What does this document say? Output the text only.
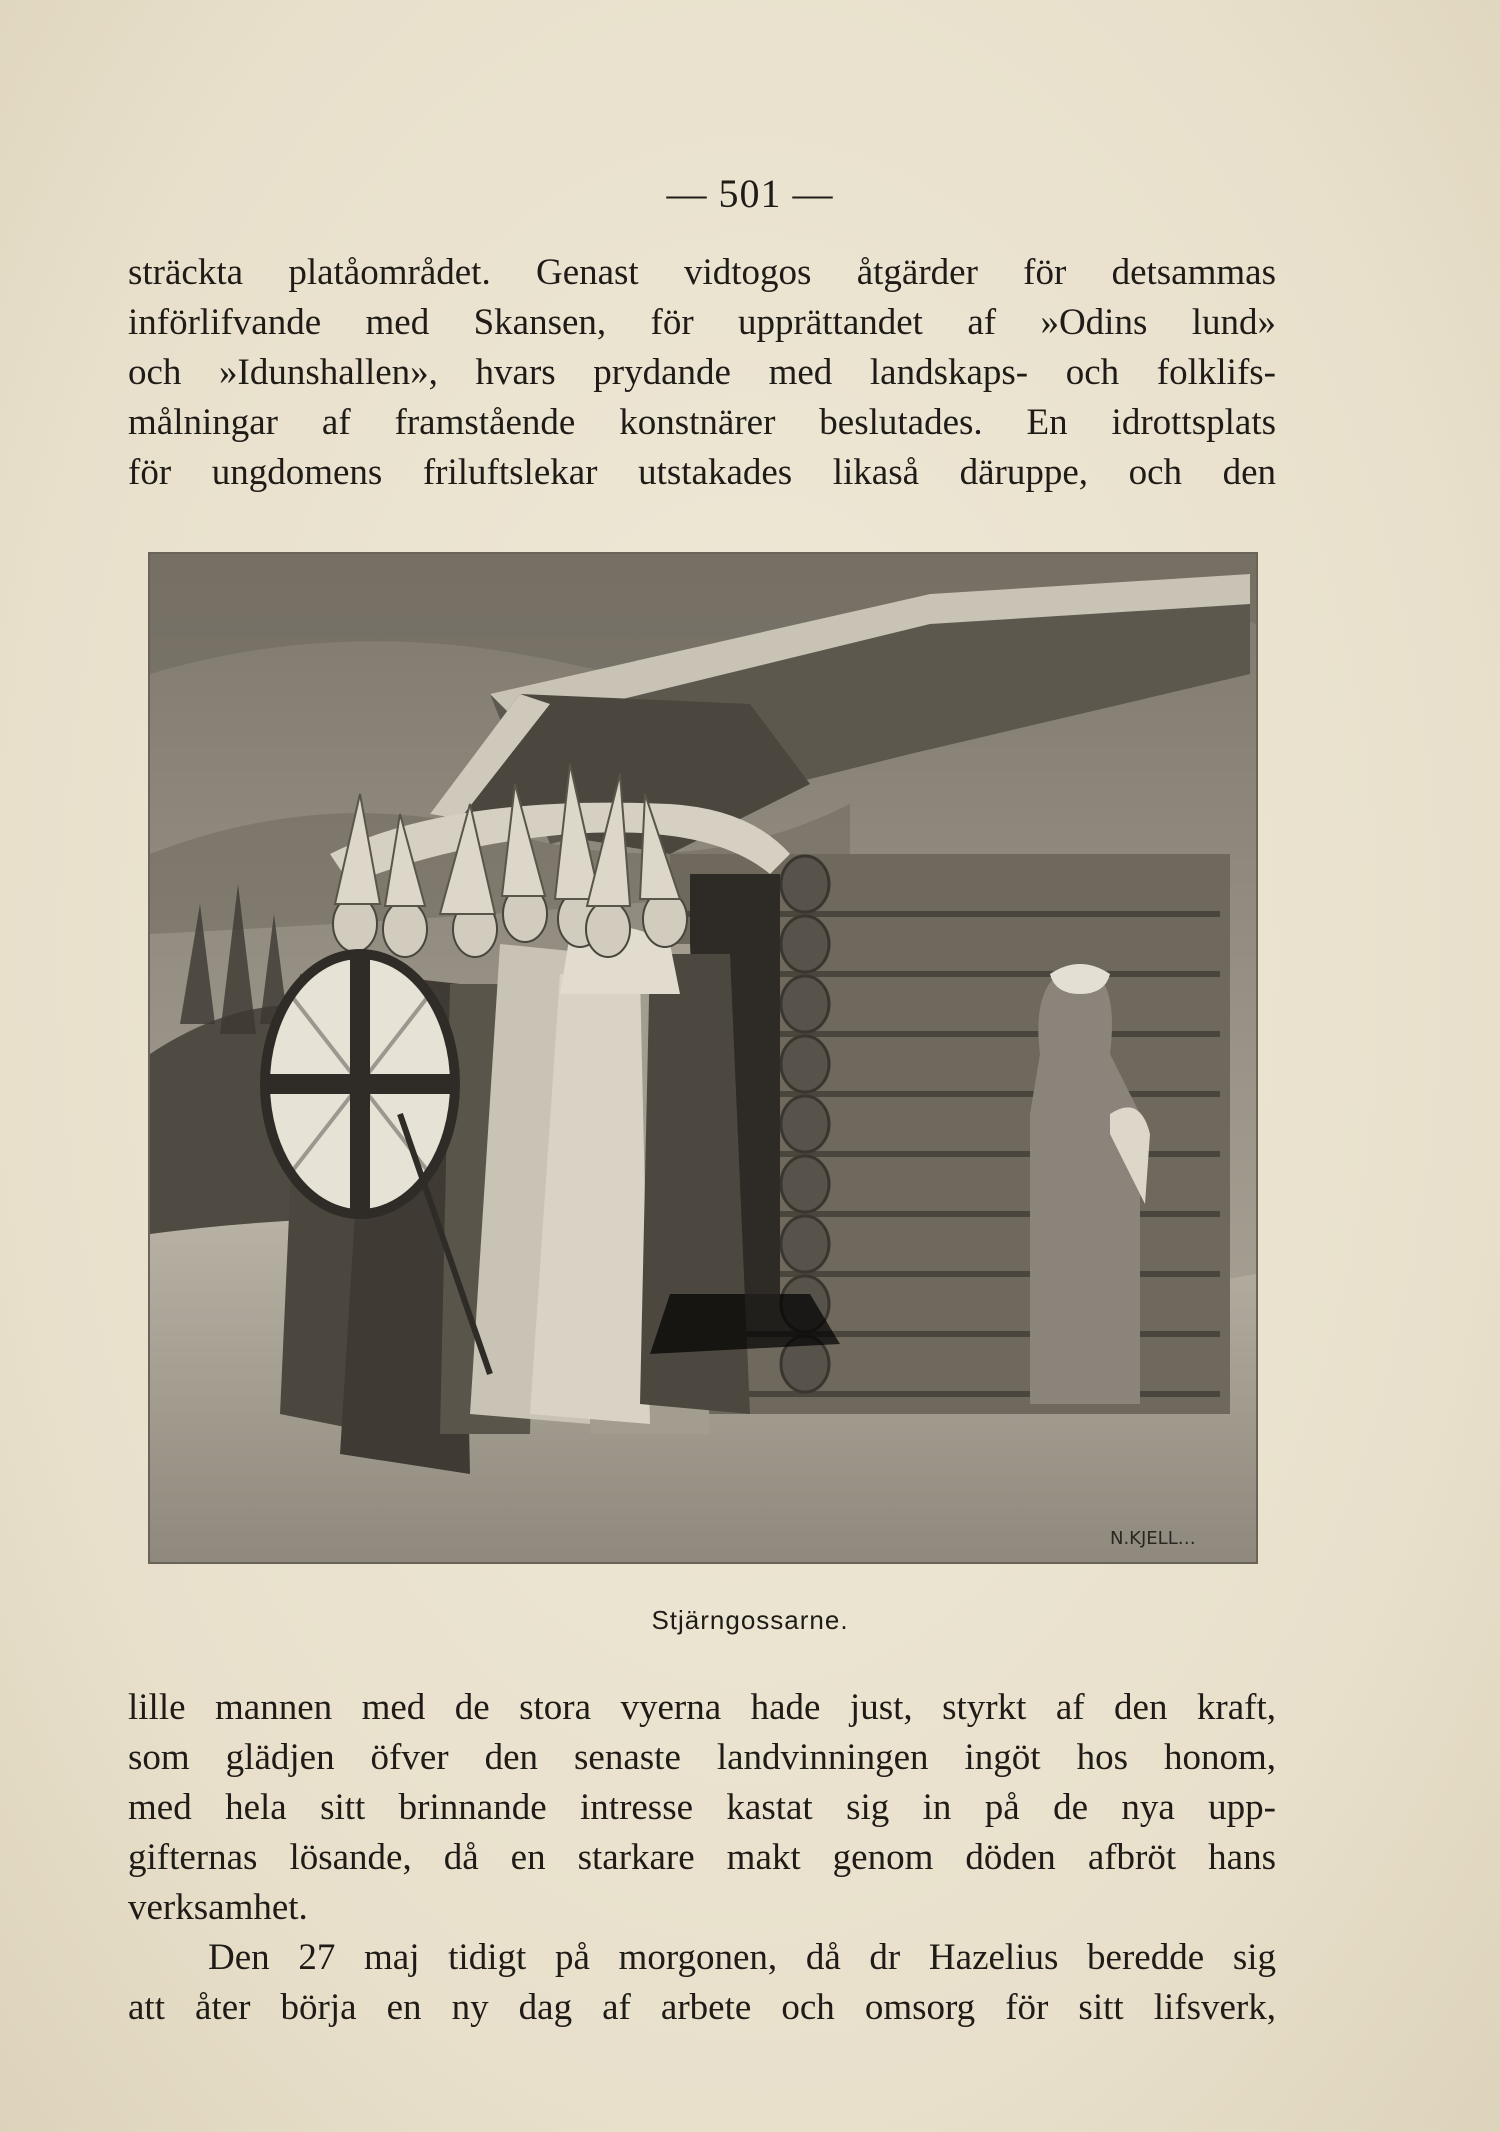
— 501 —
sträckta platåområdet. Genast vidtogos åtgärder för detsammas
införlifvande med Skansen, för upprättandet af »Odins lund»
och »Idunshallen», hvars prydande med landskaps- och folklifs-
målningar af framstående konstnärer beslutades. En idrottsplats
för ungdomens friluftslekar utstakades likaså däruppe, och den
N.KJELL…
Stjärngossarne.
lille mannen med de stora vyerna hade just, styrkt af den kraft,
som glädjen öfver den senaste landvinningen ingöt hos honom,
med hela sitt brinnande intresse kastat sig in på de nya upp-
gifternas lösande, då en starkare makt genom döden afbröt hans
verksamhet.
Den 27 maj tidigt på morgonen, då dr Hazelius beredde sig
att åter börja en ny dag af arbete och omsorg för sitt lifsverk,
